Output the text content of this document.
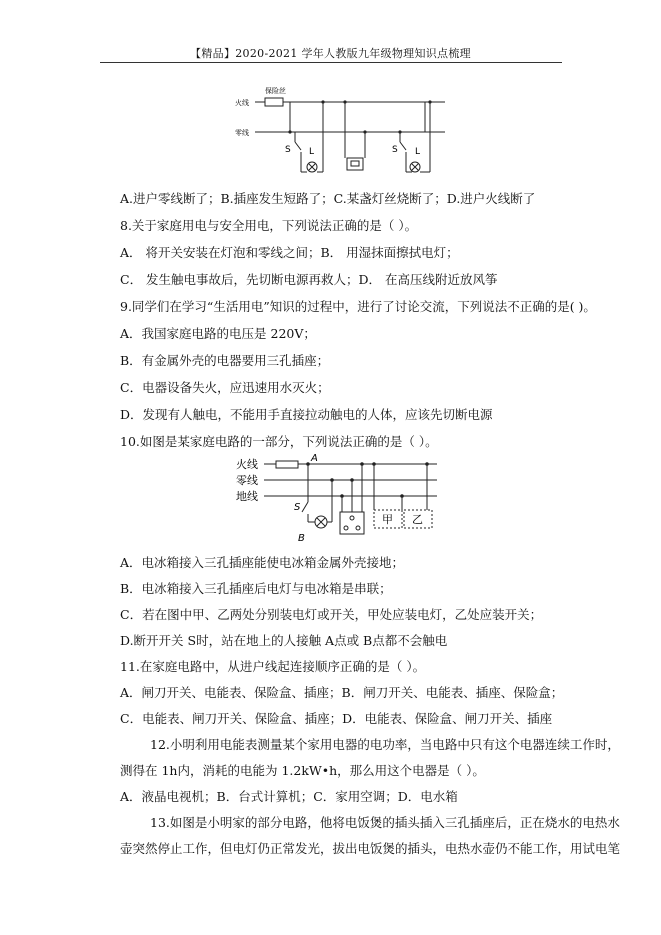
【精品】2020-2021 学年人教版九年级物理知识点梳理
保险丝
火线
零线
S L	S L
A.进户零线断了；B.插座发生短路了；C.某盏灯丝烧断了；D.进户火线断了
8.关于家庭用电与安全用电，下列说法正确的是（ ）。
A． 将开关安装在灯泡和零线之间；B． 用湿抹面擦拭电灯；
C． 发生触电事故后，先切断电源再救人；D． 在高压线附近放风筝
9.同学们在学习“生活用电”知识的过程中，进行了讨论交流，下列说法不正确的是( )。
A．我国家庭电路的电压是 220V；
B．有金属外壳的电器要用三孔插座；
C．电器设备失火，应迅速用水灭火；
D．发现有人触电，不能用手直接拉动触电的人体，应该先切断电源
10.如图是某家庭电路的一部分，下列说法正确的是（ ）。
火线
零线
地线
A
S
B
甲 乙
A．电冰箱接入三孔插座能使电冰箱金属外壳接地；
B．电冰箱接入三孔插座后电灯与电冰箱是串联；
C．若在图中甲、乙两处分别装电灯或开关，甲处应装电灯，乙处应装开关；
D.断开开关 S时，站在地上的人接触 A点或 B点都不会触电
11.在家庭电路中，从进户线起连接顺序正确的是（ ）。
A．闸刀开关、电能表、保险盒、插座；B．闸刀开关、电能表、插座、保险盒；
C．电能表、闸刀开关、保险盒、插座；D．电能表、保险盒、闸刀开关、插座
12.小明利用电能表测量某个家用电器的电功率，当电路中只有这个电器连续工作时，
测得在 1h内，消耗的电能为 1.2kW•h，那么用这个电器是（ ）。
A．液晶电视机；B．台式计算机；C．家用空调；D．电水箱
13.如图是小明家的部分电路，他将电饭煲的插头插入三孔插座后，正在烧水的电热水
壶突然停止工作，但电灯仍正常发光，拔出电饭煲的插头，电热水壶仍不能工作，用试电笔
